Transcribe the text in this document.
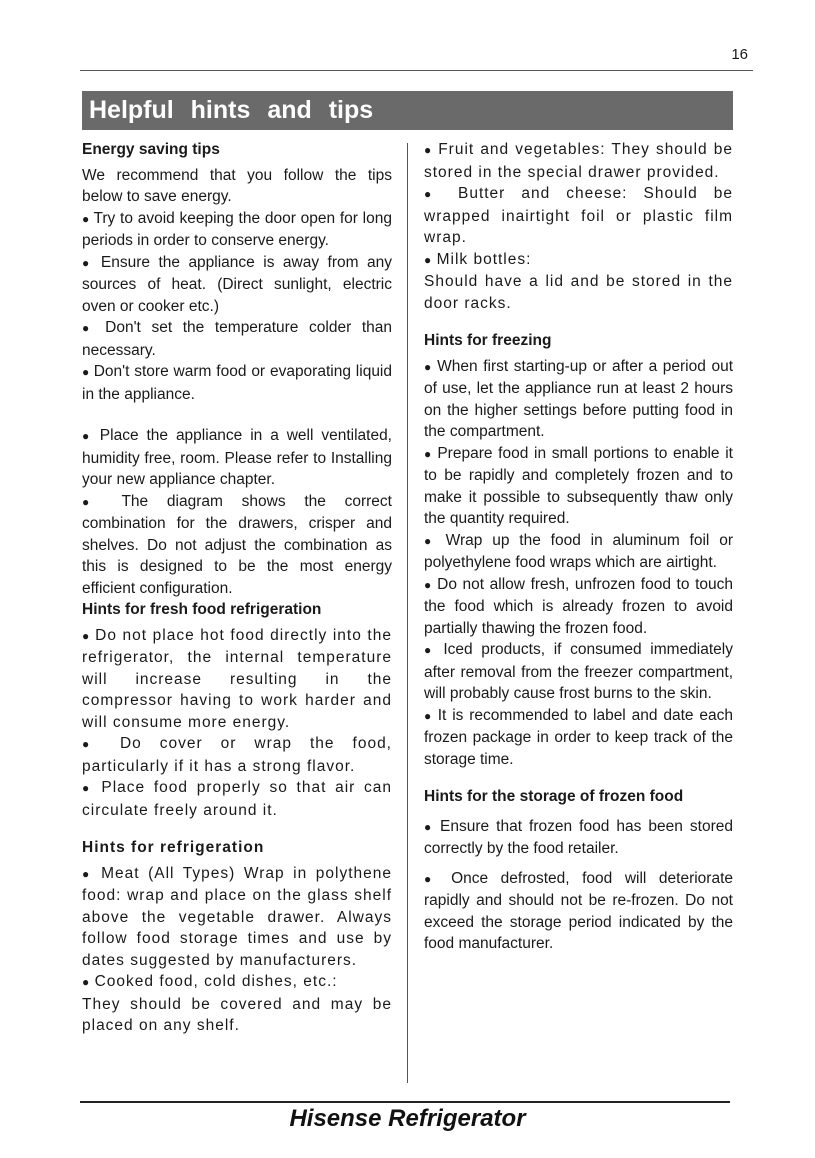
16
Helpful hints and tips
Energy saving tips

We recommend that you follow the tips below to save energy.

● Try to avoid keeping the door open for long periods in order to conserve energy.

● Ensure the appliance is away from any sources of heat. (Direct sunlight, electric oven or cooker etc.)

● Don't set the temperature colder than necessary.

● Don't store warm food or evaporating liquid in the appliance.

● Place the appliance in a well ventilated, humidity free, room. Please refer to Installing your new appliance chapter.

● The diagram shows the correct combination for the drawers, crisper and shelves. Do not adjust the combination as this is designed to be the most energy efficient configuration.

Hints for fresh food refrigeration

● Do not place hot food directly into the refrigerator, the internal temperature will increase resulting in the compressor having to work harder and will consume more energy.

● Do cover or wrap the food, particularly if it has a strong flavor.

● Place food properly so that air can circulate freely around it.

Hints for refrigeration

● Meat (All Types) Wrap in polythene food: wrap and place on the glass shelf above the vegetable drawer. Always follow food storage times and use by dates suggested by manufacturers.

● Cooked food, cold dishes, etc.:

They should be covered and may be placed on any shelf.

● Fruit and vegetables: They should be stored in the special drawer provided.

● Butter and cheese: Should be wrapped inairtight foil or plastic film wrap.

● Milk bottles:

Should have a lid and be stored in the door racks.

Hints for freezing

● When first starting-up or after a period out of use, let the appliance run at least 2 hours on the higher settings before putting food in the compartment.

● Prepare food in small portions to enable it to be rapidly and completely frozen and to make it possible to subsequently thaw only the quantity required.

● Wrap up the food in aluminum foil or polyethylene food wraps which are airtight.

● Do not allow fresh, unfrozen food to touch the food which is already frozen to avoid partially thawing the frozen food.

● Iced products, if consumed immediately after removal from the freezer compartment, will probably cause frost burns to the skin.

● It is recommended to label and date each frozen package in order to keep track of the storage time.

Hints for the storage of frozen food

● Ensure that frozen food has been stored correctly by the food retailer.

● Once defrosted, food will deteriorate rapidly and should not be re-frozen. Do not exceed the storage period indicated by the food manufacturer.

Hisense Refrigerator
